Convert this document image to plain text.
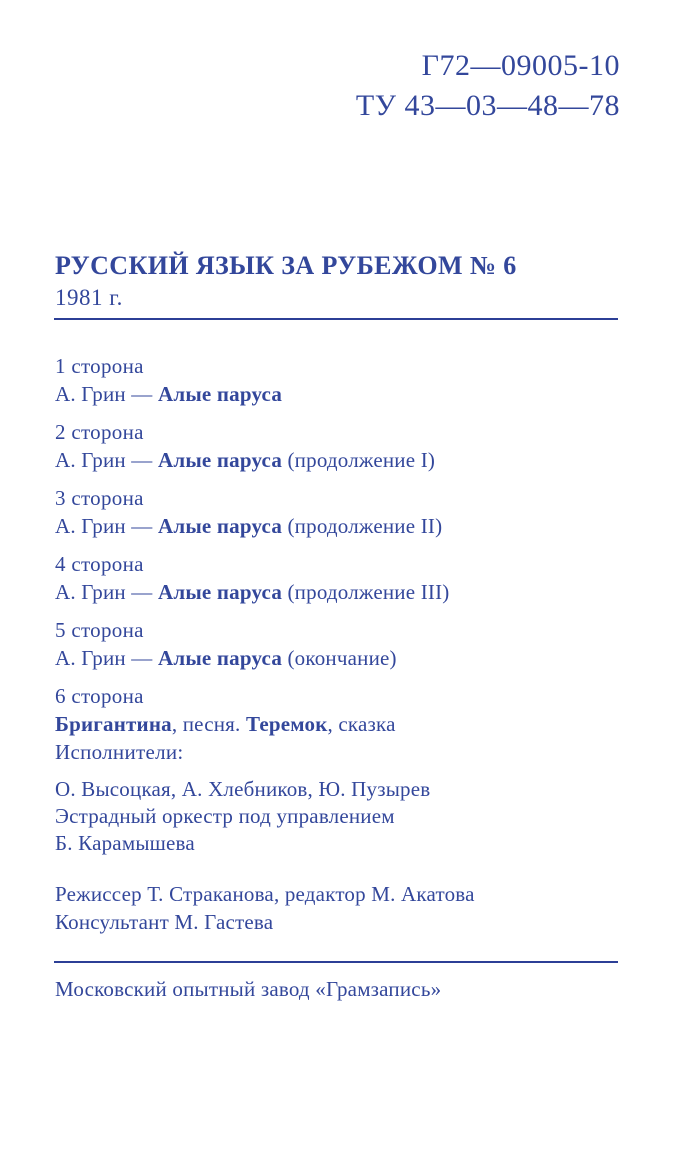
Г72—09005-10
ТУ 43—03—48—78
РУССКИЙ ЯЗЫК ЗА РУБЕЖОМ № 6
1981 г.
1 сторона
А. Грин — Алые паруса
2 сторона
А. Грин — Алые паруса (продолжение I)
3 сторона
А. Грин — Алые паруса (продолжение II)
4 сторона
А. Грин — Алые паруса (продолжение III)
5 сторона
А. Грин — Алые паруса (окончание)
6 сторона
Бригантина, песня. Теремок, сказка
Исполнители:
О. Высоцкая, А. Хлебников, Ю. Пузырев
Эстрадный оркестр под управлением
Б. Карамышева
Режиссер Т. Страканова, редактор М. Акатова
Консультант М. Гастева
Московский опытный завод «Грамзапись»
